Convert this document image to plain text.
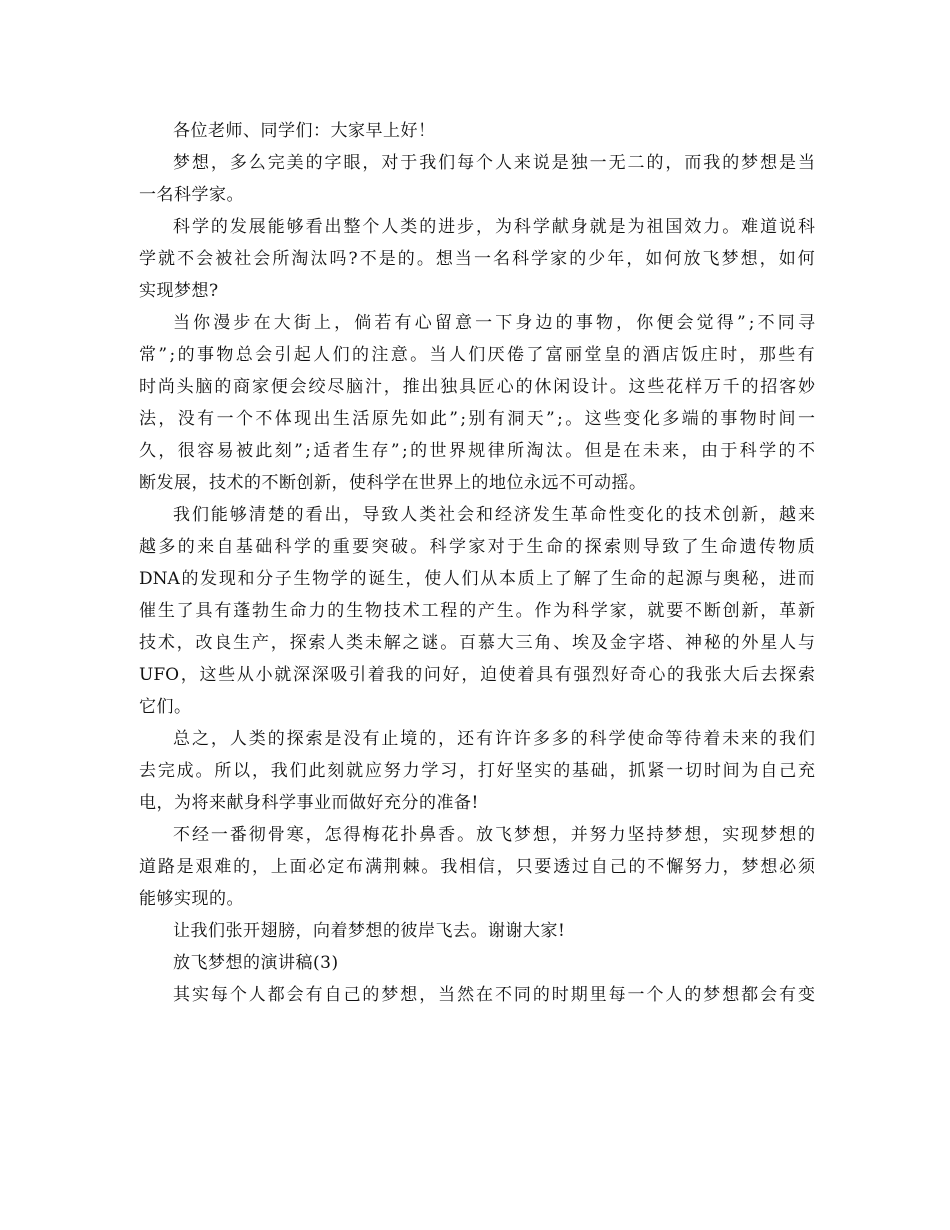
各 位 老 师 、 同 学 们 ： 大 家 早 上 好 ！
梦 想 ， 多 么 完 美 的 字 眼 ， 对 于 我 们 每 个 人 来 说 是 独 一 无 二 的 ， 而 我 的 梦 想 是 当
一 名 科 学 家 。
科 学 的 发 展 能 够 看 出 整 个 人 类 的 进 步 ， 为 科 学 献 身 就 是 为 祖 国 效 力 。 难 道 说 科
学 就 不 会 被 社 会 所 淘 汰 吗 ? 不 是 的 。 想 当 一 名 科 学 家 的 少 年 ， 如 何 放 飞 梦 想 ， 如 何
实 现 梦 想 ?
当 你 漫 步 在 大 街 上 ， 倘 若 有 心 留 意 一 下 身 边 的 事 物 ， 你 便 会 觉 得 ” ; 不 同 寻
常 ” ; 的 事 物 总 会 引 起 人 们 的 注 意 。 当 人 们 厌 倦 了 富 丽 堂 皇 的 酒 店 饭 庄 时 ， 那 些 有
时 尚 头 脑 的 商 家 便 会 绞 尽 脑 汁 ， 推 出 独 具 匠 心 的 休 闲 设 计 。 这 些 花 样 万 千 的 招 客 妙
法 ， 没 有 一 个 不 体 现 出 生 活 原 先 如 此 ” ; 别 有 洞 天 ” ; 。 这 些 变 化 多 端 的 事 物 时 间 一
久 ， 很 容 易 被 此 刻 ” ; 适 者 生 存 ” ; 的 世 界 规 律 所 淘 汰 。 但 是 在 未 来 ， 由 于 科 学 的 不
断 发 展 ， 技 术 的 不 断 创 新 ， 使 科 学 在 世 界 上 的 地 位 永 远 不 可 动 摇 。
我 们 能 够 清 楚 的 看 出 ， 导 致 人 类 社 会 和 经 济 发 生 革 命 性 变 化 的 技 术 创 新 ， 越 来
越 多 的 来 自 基 础 科 学 的 重 要 突 破 。 科 学 家 对 于 生 命 的 探 索 则 导 致 了 生 命 遗 传 物 质
DNA 的 发 现 和 分 子 生 物 学 的 诞 生 ， 使 人 们 从 本 质 上 了 解 了 生 命 的 起 源 与 奥 秘 ， 进 而
催 生 了 具 有 蓬 勃 生 命 力 的 生 物 技 术 工 程 的 产 生 。 作 为 科 学 家 ， 就 要 不 断 创 新 ， 革 新
技 术 ， 改 良 生 产 ， 探 索 人 类 未 解 之 谜 。 百 慕 大 三 角 、 埃 及 金 字 塔 、 神 秘 的 外 星 人 与
UFO ， 这 些 从 小 就 深 深 吸 引 着 我 的 问 好 ， 迫 使 着 具 有 强 烈 好 奇 心 的 我 张 大 后 去 探 索
它 们 。
总 之 ， 人 类 的 探 索 是 没 有 止 境 的 ， 还 有 许 许 多 多 的 科 学 使 命 等 待 着 未 来 的 我 们
去 完 成 。 所 以 ， 我 们 此 刻 就 应 努 力 学 习 ， 打 好 坚 实 的 基 础 ， 抓 紧 一 切 时 间 为 自 己 充
电 ， 为 将 来 献 身 科 学 事 业 而 做 好 充 分 的 准 备 !
不 经 一 番 彻 骨 寒 ， 怎 得 梅 花 扑 鼻 香 。 放 飞 梦 想 ， 并 努 力 坚 持 梦 想 ， 实 现 梦 想 的
道 路 是 艰 难 的 ， 上 面 必 定 布 满 荆 棘 。 我 相 信 ， 只 要 透 过 自 己 的 不 懈 努 力 ， 梦 想 必 须
能 够 实 现 的 。
让 我 们 张 开 翅 膀 ， 向 着 梦 想 的 彼 岸 飞 去 。 谢 谢 大 家 !
放 飞 梦 想 的 演 讲 稿 ( 3 )
其 实 每 个 人 都 会 有 自 己 的 梦 想 ， 当 然 在 不 同 的 时 期 里 每 一 个 人 的 梦 想 都 会 有 变
